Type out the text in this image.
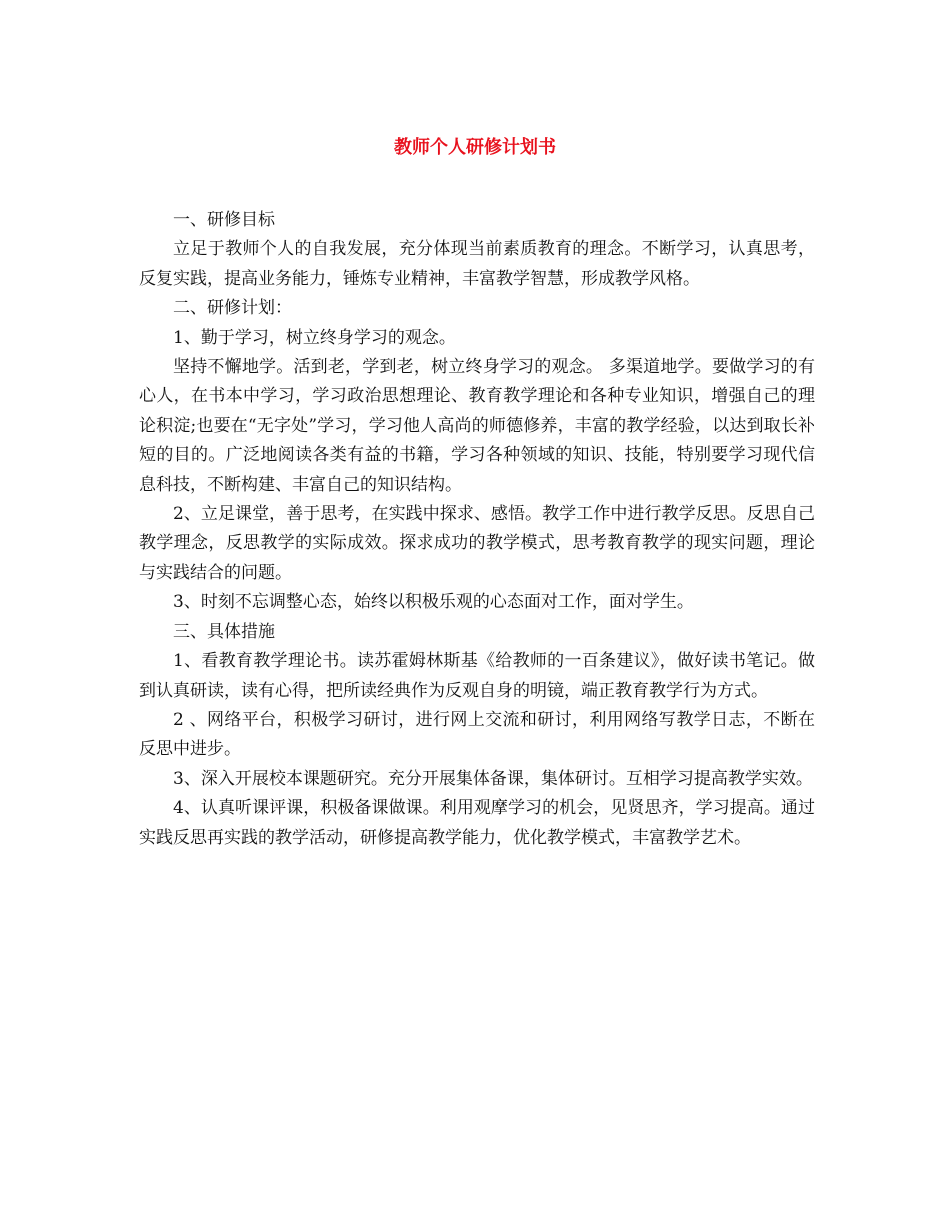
教师个人研修计划书

一、研修目标

立足于教师个人的自我发展，充分体现当前素质教育的理念。不断学习，认真思考，反复实践，提高业务能力，锤炼专业精神，丰富教学智慧，形成教学风格。

二、研修计划：

1、勤于学习，树立终身学习的观念。

坚持不懈地学。活到老，学到老，树立终身学习的观念。 多渠道地学。要做学习的有心人，在书本中学习，学习政治思想理论、教育教学理论和各种专业知识，增强自己的理论积淀;也要在“无字处”学习，学习他人高尚的师德修养，丰富的教学经验，以达到取长补短的目的。广泛地阅读各类有益的书籍，学习各种领域的知识、技能，特别要学习现代信息科技，不断构建、丰富自己的知识结构。

2、立足课堂，善于思考，在实践中探求、感悟。教学工作中进行教学反思。反思自己教学理念，反思教学的实际成效。探求成功的教学模式，思考教育教学的现实问题，理论与实践结合的问题。

3、时刻不忘调整心态，始终以积极乐观的心态面对工作，面对学生。

三、具体措施

1、看教育教学理论书。读苏霍姆林斯基《给教师的一百条建议》，做好读书笔记。做到认真研读，读有心得，把所读经典作为反观自身的明镜，端正教育教学行为方式。

2 、网络平台，积极学习研讨，进行网上交流和研讨，利用网络写教学日志，不断在反思中进步。

3、深入开展校本课题研究。充分开展集体备课，集体研讨。互相学习提高教学实效。

4、认真听课评课，积极备课做课。利用观摩学习的机会，见贤思齐，学习提高。通过实践反思再实践的教学活动，研修提高教学能力，优化教学模式，丰富教学艺术。
